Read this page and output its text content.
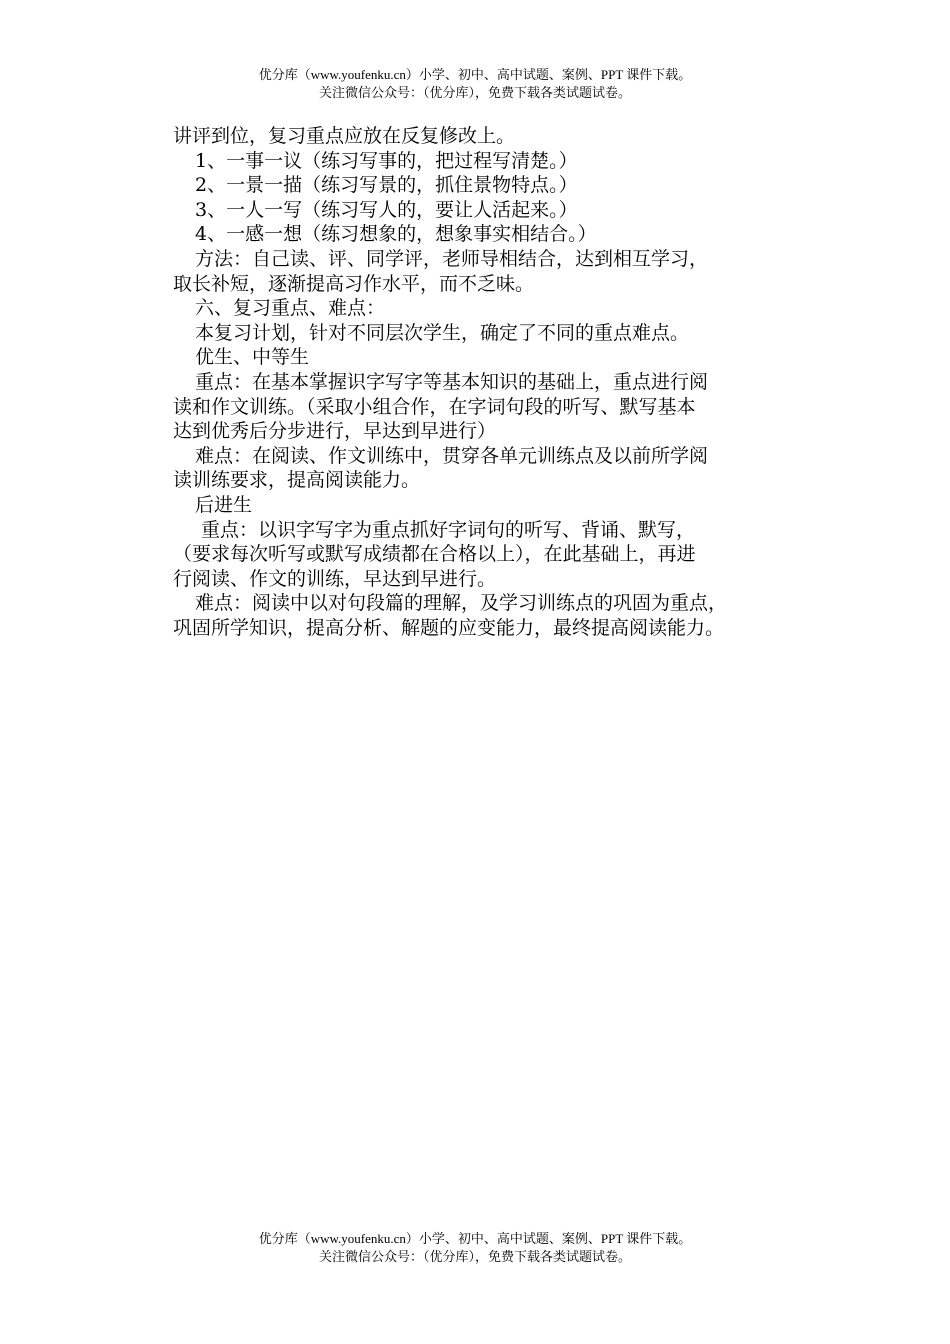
优分库（www.youfenku.cn）小学、初中、高中试题、案例、PPT 课件下载。
关注微信公众号：（优分库），免费下载各类试题试卷。
讲评到位，复习重点应放在反复修改上。
1、一事一议（练习写事的，把过程写清楚。）
2、一景一描（练习写景的，抓住景物特点。）
3、一人一写（练习写人的，要让人活起来。）
4、一感一想（练习想象的，想象事实相结合。）
方法：自己读、评、同学评，老师导相结合，达到相互学习，
取长补短，逐渐提高习作水平，而不乏味。
六、复习重点、难点：
本复习计划，针对不同层次学生，确定了不同的重点难点。
优生、中等生
重点：在基本掌握识字写字等基本知识的基础上，重点进行阅
读和作文训练。（采取小组合作，在字词句段的听写、默写基本
达到优秀后分步进行，早达到早进行）
难点：在阅读、作文训练中，贯穿各单元训练点及以前所学阅
读训练要求，提高阅读能力。
后进生
重点：以识字写字为重点抓好字词句的听写、背诵、默写，
（要求每次听写或默写成绩都在合格以上），在此基础上，再进
行阅读、作文的训练，早达到早进行。
难点：阅读中以对句段篇的理解，及学习训练点的巩固为重点，
巩固所学知识，提高分析、解题的应变能力，最终提高阅读能力。
优分库（www.youfenku.cn）小学、初中、高中试题、案例、PPT 课件下载。
关注微信公众号：（优分库），免费下载各类试题试卷。
